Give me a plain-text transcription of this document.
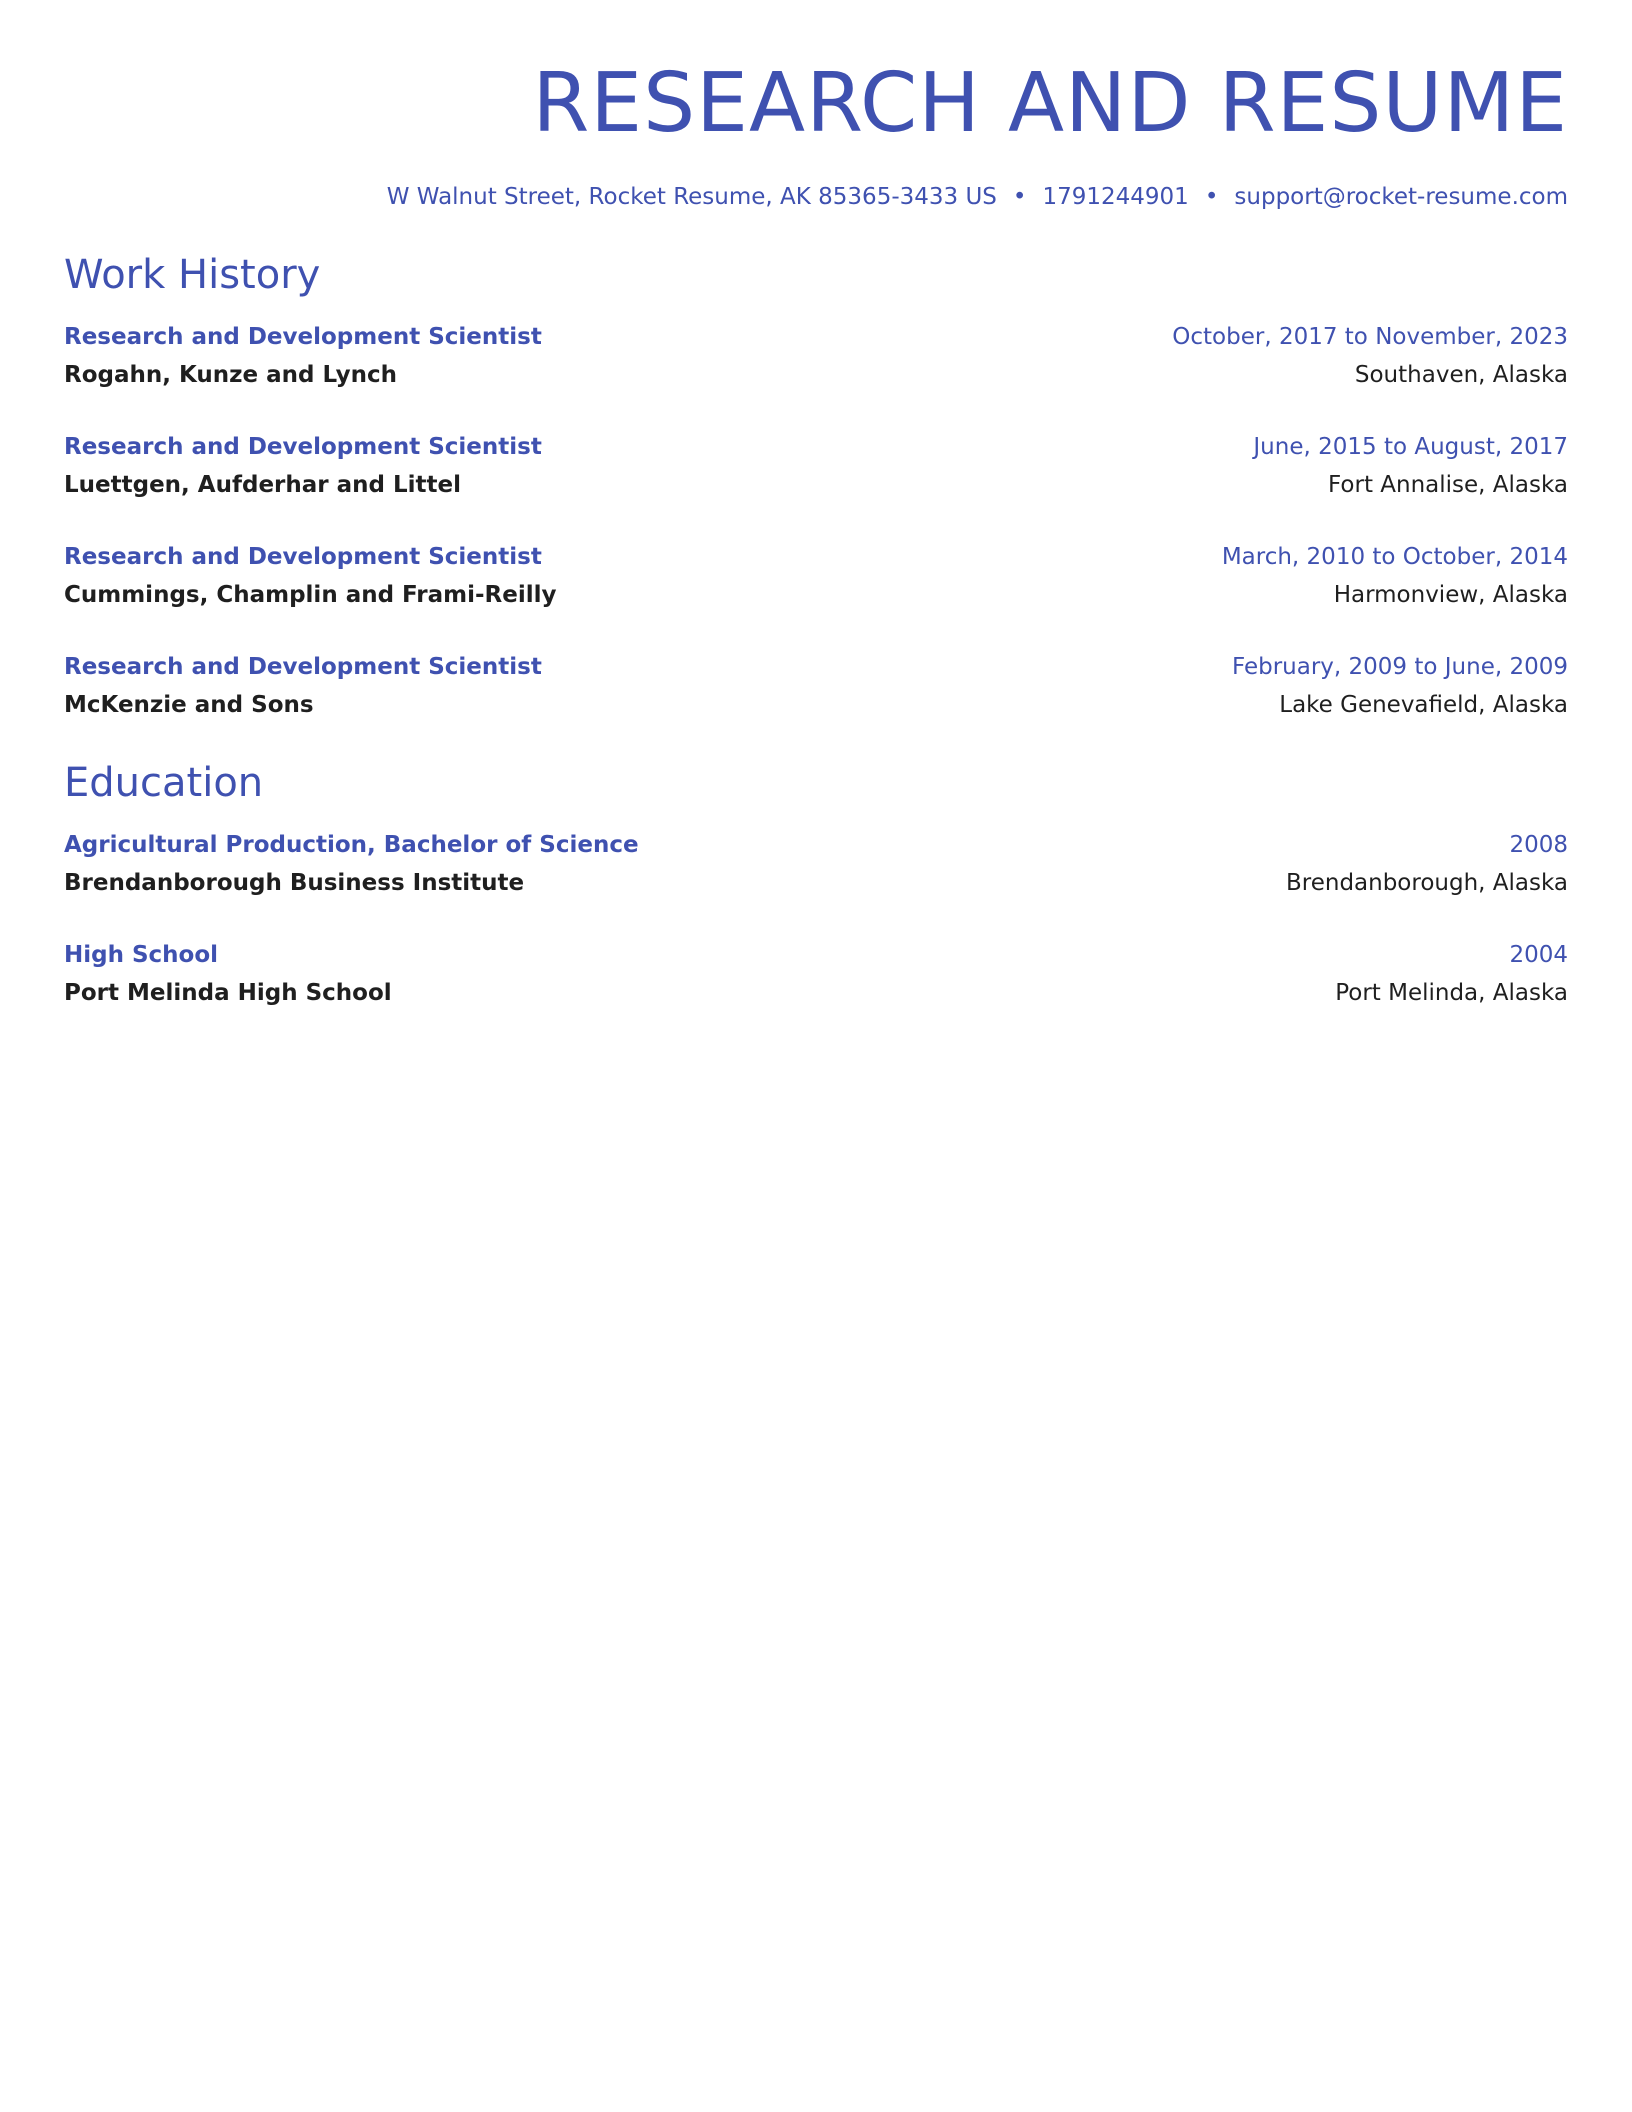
RESEARCH AND RESUME
W Walnut Street, Rocket Resume, AK 85365-3433 US • 1791244901 • support@rocket-resume.com
Work History
Research and Development Scientist	October, 2017 to November, 2023
Rogahn, Kunze and Lynch	Southaven, Alaska
Research and Development Scientist	June, 2015 to August, 2017
Luettgen, Aufderhar and Littel	Fort Annalise, Alaska
Research and Development Scientist	March, 2010 to October, 2014
Cummings, Champlin and Frami-Reilly	Harmonview, Alaska
Research and Development Scientist	February, 2009 to June, 2009
McKenzie and Sons	Lake Genevafield, Alaska
Education
Agricultural Production, Bachelor of Science	2008
Brendanborough Business Institute	Brendanborough, Alaska
High School	2004
Port Melinda High School	Port Melinda, Alaska
